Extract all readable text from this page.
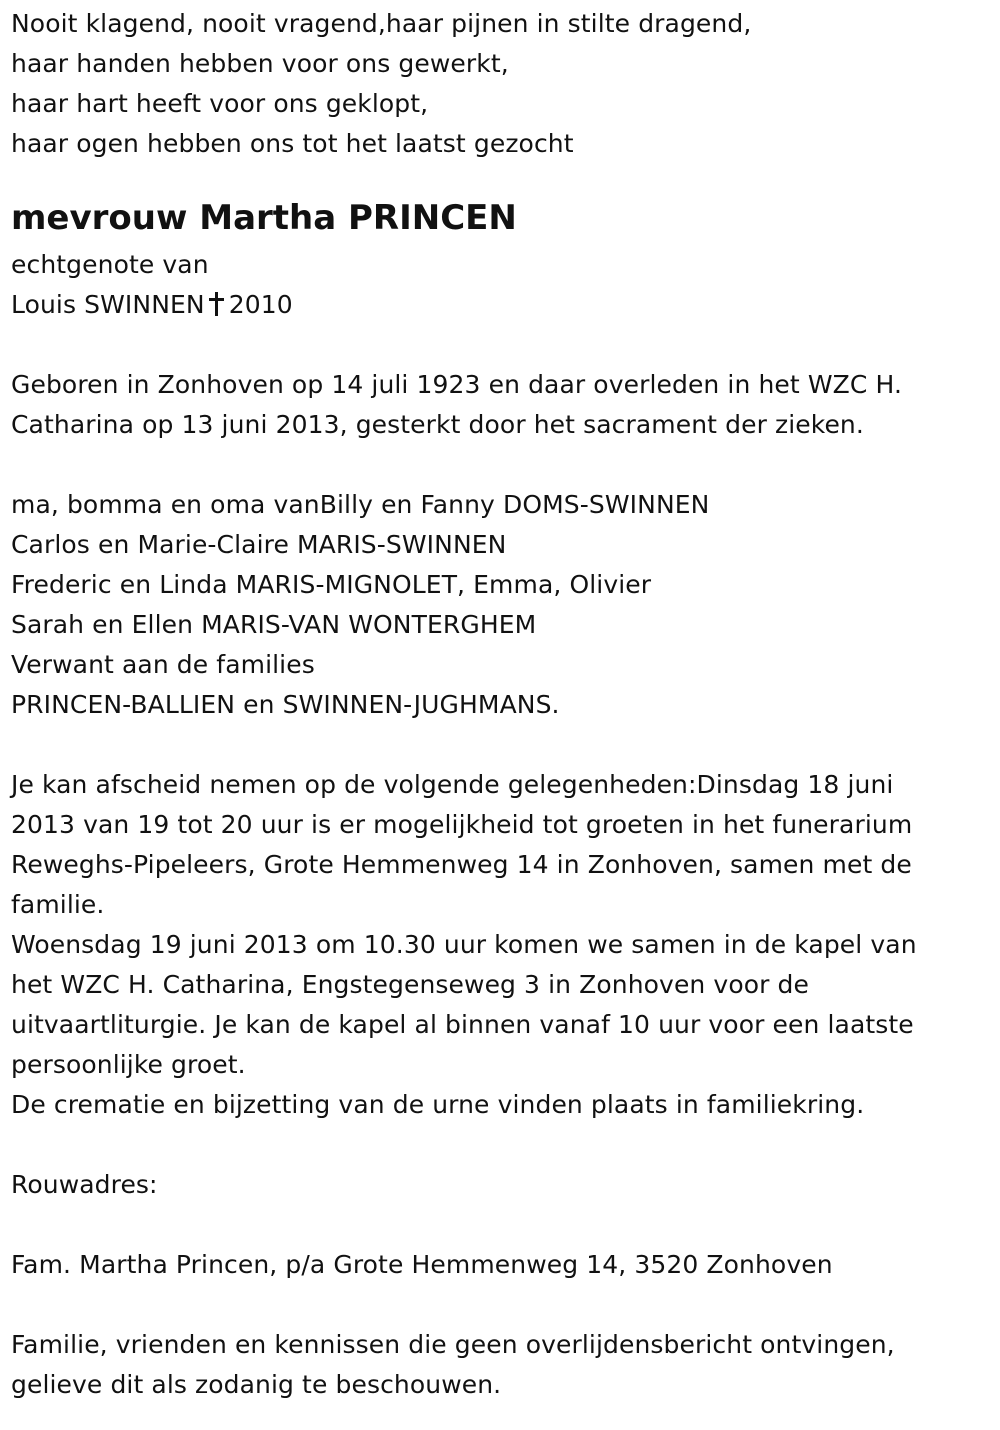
Nooit klagend, nooit vragend,haar pijnen in stilte dragend,
haar handen hebben voor ons gewerkt,
haar hart heeft voor ons geklopt,
haar ogen hebben ons tot het laatst gezocht
mevrouw Martha PRINCEN
echtgenote van
Louis SWINNEN 2010
Geboren in Zonhoven op 14 juli 1923 en daar overleden in het WZC H.
Catharina op 13 juni 2013, gesterkt door het sacrament der zieken.
ma, bomma en oma vanBilly en Fanny DOMS-SWINNEN
Carlos en Marie-Claire MARIS-SWINNEN
Frederic en Linda MARIS-MIGNOLET, Emma, Olivier
Sarah en Ellen MARIS-VAN WONTERGHEM
Verwant aan de families
PRINCEN-BALLIEN en SWINNEN-JUGHMANS.
Je kan afscheid nemen op de volgende gelegenheden:Dinsdag 18 juni
2013 van 19 tot 20 uur is er mogelijkheid tot groeten in het funerarium
Reweghs-Pipeleers, Grote Hemmenweg 14 in Zonhoven, samen met de
familie.
Woensdag 19 juni 2013 om 10.30 uur komen we samen in de kapel van
het WZC H. Catharina, Engstegenseweg 3 in Zonhoven voor de
uitvaartliturgie. Je kan de kapel al binnen vanaf 10 uur voor een laatste
persoonlijke groet.
De crematie en bijzetting van de urne vinden plaats in familiekring.
Rouwadres:
Fam. Martha Princen, p/a Grote Hemmenweg 14, 3520 Zonhoven
Familie, vrienden en kennissen die geen overlijdensbericht ontvingen,
gelieve dit als zodanig te beschouwen.
